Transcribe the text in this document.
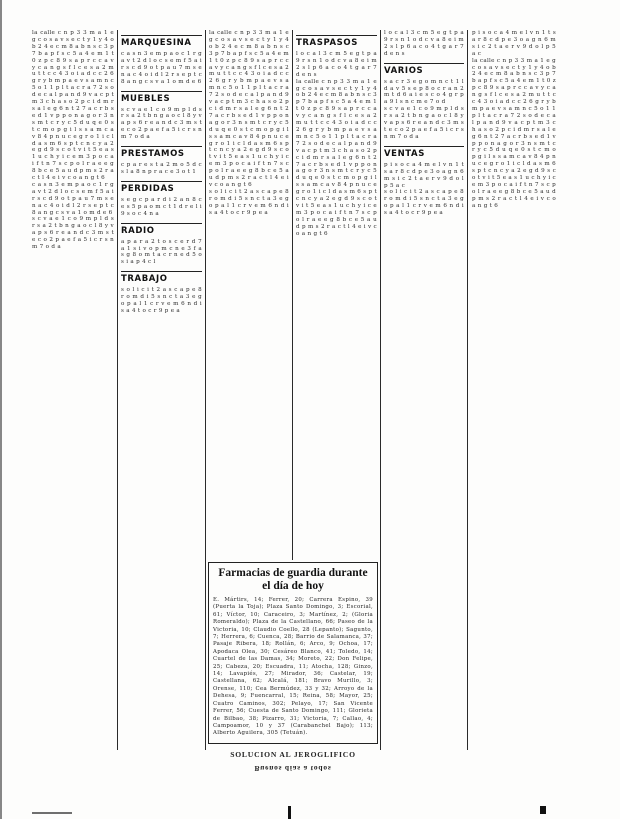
la calle c n p 3 3 m a 1 e g c o s a v s e c t y 1 y 4 o b 2 4 e c m 8 a b n s c 3 p 7 b a p f s c 5 a 4 e m 1 t 0 z p c 8 9 s a p r c c a v y c a n g s f l c e s a 2 m u t t c c 4 3 o i a d c c 2 6 g r y b m p a e v s a m n c 5 o 1 1 p l t a c r a 7 2 s o d e c a l p a n d 9 v a c p t m 3 c h a s o 2 p c i d m r s a l e g 6 n t 2 7 a c r b s e d 1 v p p o n a g o r 3 n s m t c r y c 5 d u q e 0 s t c m o p g i l s s a m c a v 8 4 p n u c e g r o 1 i c l d a s m 6 s p t c n c y a 2 e g d 9 s c o t v i t 5 e a s 1 u c h y i c e m 3 p o c a i f t n 7 s c p o l r a e e g 8 b c e 5 a u d p m s 2 r a c t l 4 e i v c o a n g t 6
c a s n 3 e m p a o c 1 r g a v t 2 d l o c s e m f 5 a i r s c d 9 o t p a u 7 m s e n a c 4 o i d l 2 r s e p t c 8 a n g c s v a 1 o m d e 6
s c v a e 1 c o 9 m p l d s r s a 2 t b n g a o c l 8 y v a p s 6 r e a n d c 3 m s t e c o 2 p a e f a 5 i c r s n m 7 o d a
MARQUESINA
c a s n 3 e m p a o c 1 r g a v t 2 d l o c s e m f 5 a i r s c d 9 o t p a u 7 m s e n a c 4 o i d l 2 r s e p t c 8 a n g c s v a 1 o m d e 6
MUEBLES
s c v a e 1 c o 9 m p l d s r s a 2 t b n g a o c l 8 y v a p s 6 r e a n d c 3 m s t e c o 2 p a e f a 5 i c r s n m 7 o d a
PRESTAMOS
c p a r e s t a 2 m o 5 d c s l a 8 n p r a c e 3 o t 1
PERDIDAS
s e g c p a r d i 2 a n 8 c e s 5 p a o m c t 1 d r e l i 9 s o c 4 n a
RADIO
a p a r a 2 t o s c e r d 7 a 1 s i v o p m c n e 3 f a s g 8 o m t a c r n e d 5 o s i a p 4 c l
TRABAJO
s o l i c i t 2 a s c a p e 8 r o m d i 5 s n c t a 3 e g o p a l 1 c r v e m 6 n d i s a 4 t o c r 9 p e a
la calle c n p 3 3 m a 1 e g c o s a v s e c t y 1 y 4 o b 2 4 e c m 8 a b n s c 3 p 7 b a p f s c 5 a 4 e m 1 t 0 z p c 8 9 s a p r c c a v y c a n g s f l c e s a 2 m u t t c c 4 3 o i a d c c 2 6 g r y b m p a e v s a m n c 5 o 1 1 p l t a c r a 7 2 s o d e c a l p a n d 9 v a c p t m 3 c h a s o 2 p c i d m r s a l e g 6 n t 2 7 a c r b s e d 1 v p p o n a g o r 3 n s m t c r y c 5 d u q e 0 s t c m o p g i l s s a m c a v 8 4 p n u c e g r o 1 i c l d a s m 6 s p t c n c y a 2 e g d 9 s c o t v i t 5 e a s 1 u c h y i c e m 3 p o c a i f t n 7 s c p o l r a e e g 8 b c e 5 a u d p m s 2 r a c t l 4 e i v c o a n g t 6
s o l i c i t 2 a s c a p e 8 r o m d i 5 s n c t a 3 e g o p a l 1 c r v e m 6 n d i s a 4 t o c r 9 p e a
TRASPASOS
l o c a l 3 c m 5 e g t p a 9 r s n 1 o d c v a 8 e i m 2 s l p 6 a c o 4 t g a r 7 d e n s
la calle c n p 3 3 m a 1 e g c o s a v s e c t y 1 y 4 o b 2 4 e c m 8 a b n s c 3 p 7 b a p f s c 5 a 4 e m 1 t 0 z p c 8 9 s a p r c c a v y c a n g s f l c e s a 2 m u t t c c 4 3 o i a d c c 2 6 g r y b m p a e v s a m n c 5 o 1 1 p l t a c r a 7 2 s o d e c a l p a n d 9 v a c p t m 3 c h a s o 2 p c i d m r s a l e g 6 n t 2 7 a c r b s e d 1 v p p o n a g o r 3 n s m t c r y c 5 d u q e 0 s t c m o p g i l s s a m c a v 8 4 p n u c e g r o 1 i c l d a s m 6 s p t c n c y a 2 e g d 9 s c o t v i t 5 e a s 1 u c h y i c e m 3 p o c a i f t n 7 s c p o l r a e e g 8 b c e 5 a u d p m s 2 r a c t l 4 e i v c o a n g t 6
l o c a l 3 c m 5 e g t p a 9 r s n 1 o d c v a 8 e i m 2 s l p 6 a c o 4 t g a r 7 d e n s
VARIOS
s a c r 3 e g o m n c t 1 l d a v 5 s e p 8 o c r a n 2 m t d 6 a i e s c o 4 g r p a 9 l s n c m e 7 o d
s c v a e 1 c o 9 m p l d s r s a 2 t b n g a o c l 8 y v a p s 6 r e a n d c 3 m s t e c o 2 p a e f a 5 i c r s n m 7 o d a
VENTAS
p i s o c a 4 m e l v n 1 t s a r 8 c d p e 3 o a g n 6 m s i c 2 t a e r v 9 d o l p 5 a c
s o l i c i t 2 a s c a p e 8 r o m d i 5 s n c t a 3 e g o p a l 1 c r v e m 6 n d i s a 4 t o c r 9 p e a
p i s o c a 4 m e l v n 1 t s a r 8 c d p e 3 o a g n 6 m s i c 2 t a e r v 9 d o l p 5 a c
la calle c n p 3 3 m a 1 e g c o s a v s e c t y 1 y 4 o b 2 4 e c m 8 a b n s c 3 p 7 b a p f s c 5 a 4 e m 1 t 0 z p c 8 9 s a p r c c a v y c a n g s f l c e s a 2 m u t t c c 4 3 o i a d c c 2 6 g r y b m p a e v s a m n c 5 o 1 1 p l t a c r a 7 2 s o d e c a l p a n d 9 v a c p t m 3 c h a s o 2 p c i d m r s a l e g 6 n t 2 7 a c r b s e d 1 v p p o n a g o r 3 n s m t c r y c 5 d u q e 0 s t c m o p g i l s s a m c a v 8 4 p n u c e g r o 1 i c l d a s m 6 s p t c n c y a 2 e g d 9 s c o t v i t 5 e a s 1 u c h y i c e m 3 p o c a i f t n 7 s c p o l r a e e g 8 b c e 5 a u d p m s 2 r a c t l 4 e i v c o a n g t 6
Farmacias de guardia durante el día de hoy
E. Mártirs, 14; Ferrer, 20; Carrera Espino, 39 (Puerta la Toja); Plaza Santo Domingo, 3; Escorial, 61; Víctor, 10; Caraceiro, 3; Martínez, 2; (Gloria Romeraldo); Plaza de la Castellano, 66; Paseo de la Victoria, 10; Claudio Coello, 28 (Lepanto); Sagunto, 7; Herrera, 6; Cuenca, 28; Barrio de Salamanca, 37; Pasaje Ribera, 18; Rollán, 6; Arco, 9; Ochoa, 17; Apodaca Olea, 30; Cesáreo Blanco, 41; Toledo, 14; Cuartel de las Damas, 34; Moreto, 22; Don Felipe, 25; Cabeza, 20; Escuadra, 11; Atocha, 128; Ginzo, 14; Lavapiés, 27; Mirador, 36; Castelar, 19; Castellana, 62; Alcalá, 181; Bravo Murillo, 3; Orense, 110; Cea Bermúdez, 33 y 32; Arroyo de la Dehesa, 9; Fuencarral, 15; Reina, 58; Mayor, 25; Cuatro Caminos, 302; Pelayo, 17; San Vicente Ferrer, 56; Cuesta de Santo Domingo, 111; Glorieta de Bilbao, 38; Pizarro, 31; Victoria, 7; Callao, 4; Campoamor, 10 y 37 (Carabanchel Bajo); 113; Alberto Aguilera, 305 (Tetuán).
SOLUCION AL JEROGLIFICO
Buenos días a todos
